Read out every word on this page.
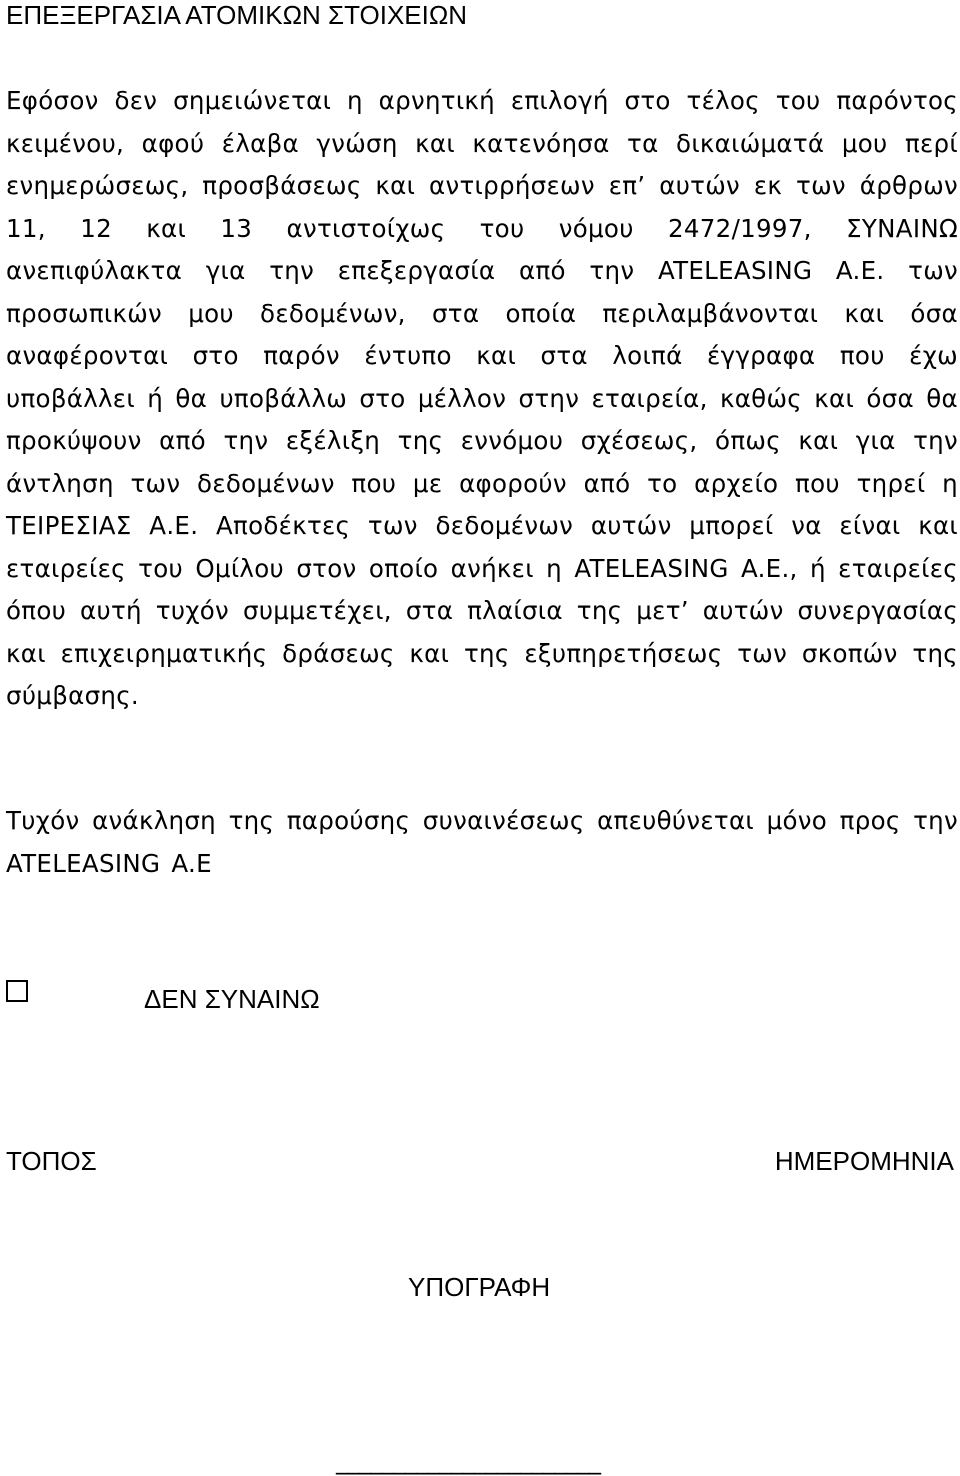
ΕΠΕΞΕΡΓΑΣΙΑ ΑΤΟΜΙΚΩΝ ΣΤΟΙΧΕΙΩΝ

Εφόσον δεν σημειώνεται η αρνητική επιλογή στο τέλος του παρόντος κειμένου, αφού έλαβα γνώση και κατενόησα τα δικαιώματά μου περί ενημερώσεως, προσβάσεως και αντιρρήσεων επ’ αυτών εκ των άρθρων 11, 12 και 13 αντιστοίχως του νόμου 2472/1997, ΣΥΝΑΙΝΩ ανεπιφύλακτα για την επεξεργασία από την ATELEASING A.E. των προσωπικών μου δεδομένων, στα οποία περιλαμβάνονται και όσα αναφέρονται στο παρόν έντυπο και στα λοιπά έγγραφα που έχω υποβάλλει ή θα υποβάλλω στο μέλλον στην εταιρεία, καθώς και όσα θα προκύψουν από την εξέλιξη της εννόμου σχέσεως, όπως και για την άντληση των δεδομένων που με αφορούν από το αρχείο που τηρεί η ΤΕΙΡΕΣΙΑΣ Α.Ε. Αποδέκτες των δεδομένων αυτών μπορεί να είναι και εταιρείες του Ομίλου στον οποίο ανήκει η ATELEASING A.E., ή εταιρείες όπου αυτή τυχόν συμμετέχει, στα πλαίσια της μετ’ αυτών συνεργασίας και επιχειρηματικής δράσεως και της εξυπηρετήσεως των σκοπών της σύμβασης.

Τυχόν ανάκληση της παρούσης συναινέσεως απευθύνεται μόνο προς την ATELEASING A.E

ΔΕΝ ΣΥΝΑΙΝΩ
ΤΟΠΟΣ	ΗΜΕΡΟΜΗΝΙΑ
ΥΠΟΓΡΑΦΗ
_______________________
